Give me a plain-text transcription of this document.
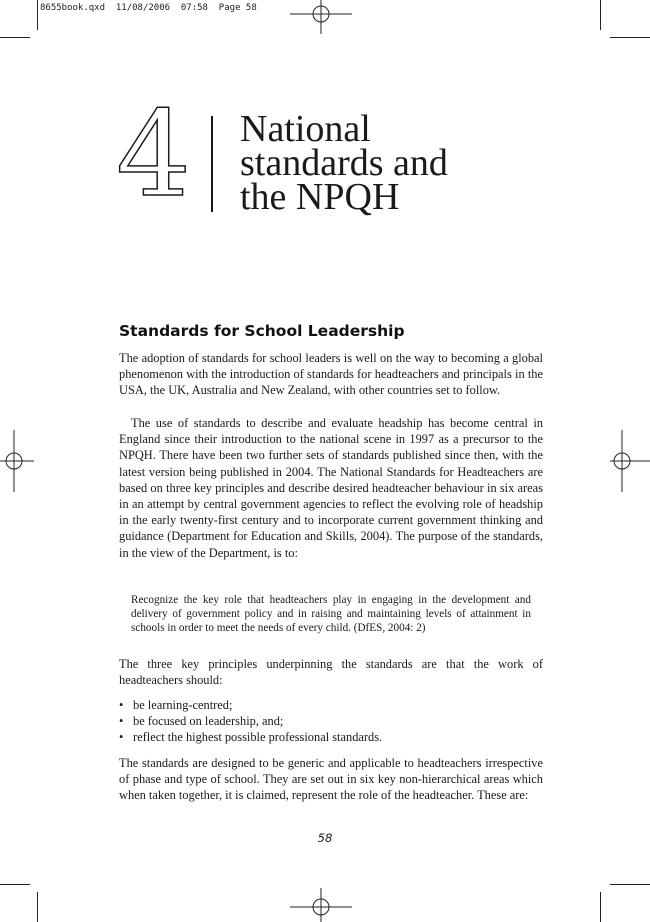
8655book.qxd  11/08/2006  07:58  Page 58
4 National
standards and
the NPQH
Standards for School Leadership

The adoption of standards for school leaders is well on the way to becoming a global phenomenon with the introduction of standards for headteachers and principals in the USA, the UK, Australia and New Zealand, with other countries set to follow.

The use of standards to describe and evaluate headship has become central in England since their introduction to the national scene in 1997 as a precursor to the NPQH. There have been two further sets of standards published since then, with the latest version being published in 2004. The National Standards for Headteachers are based on three key principles and describe desired headteacher behaviour in six areas in an attempt by central government agencies to reflect the evolving role of headship in the early twenty-first century and to incorporate current government thinking and guidance (Department for Education and Skills, 2004). The purpose of the standards, in the view of the Department, is to:

Recognize the key role that headteachers play in engaging in the development and delivery of government policy and in raising and maintaining levels of attainment in schools in order to meet the needs of every child. (DfES, 2004: 2)

The three key principles underpinning the standards are that the work of headteachers should:

• be learning-centred;
• be focused on leadership, and;
• reflect the highest possible professional standards.

The standards are designed to be generic and applicable to headteachers irrespective of phase and type of school. They are set out in six key non-hierarchical areas which when taken together, it is claimed, represent the role of the headteacher. These are:

58
